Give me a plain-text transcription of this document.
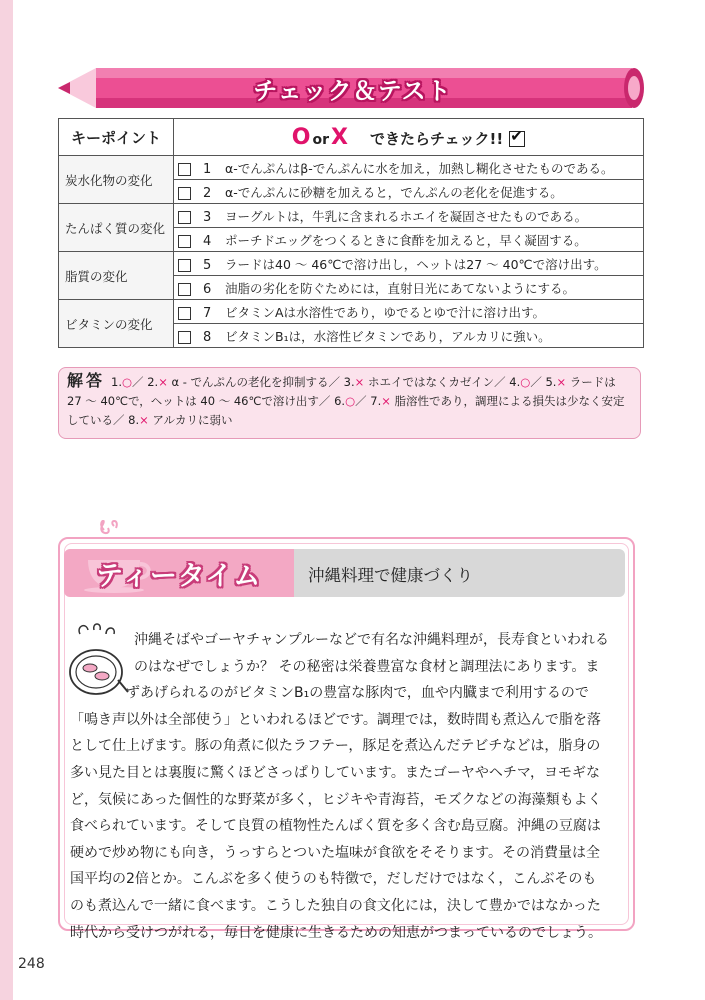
チェック＆テスト
キーポイント	O orX できたらチェック!!✔
炭水化物の変化	1 α-でんぷんはβ-でんぷんに水を加え，加熱し糊化させたものである。
	2 α-でんぷんに砂糖を加えると，でんぷんの老化を促進する。
たんぱく質の変化	3 ヨーグルトは，牛乳に含まれるホエイを凝固させたものである。
	4 ポーチドエッグをつくるときに食酢を加えると，早く凝固する。
脂質の変化	5 ラードは40 ～ 46℃で溶け出し，ヘットは27 ～ 40℃で溶け出す。
	6 油脂の劣化を防ぐためには，直射日光にあてないようにする。
ビタミンの変化	7 ビタミンAは水溶性であり，ゆでるとゆで汁に溶け出す。
	8 ビタミンB₁は，水溶性ビタミンであり，アルカリに強い。
解答 1.○／ 2.× α - でんぷんの老化を抑制する／ 3.× ホエイではなくカゼイン／ 4.○／ 5.× ラードは 27 ～ 40℃で，ヘットは 40 ～ 46℃で溶け出す／ 6.○／ 7.× 脂溶性であり，調理による損失は少なく安定している／ 8.× アルカリに弱い
ティータイム	沖縄料理で健康づくり
沖縄そばやゴーヤチャンプルーなどで有名な沖縄料理が，長寿食といわれる
のはなぜでしょうか？ その秘密は栄養豊富な食材と調理法にあります。ま
ずあげられるのがビタミンB₁の豊富な豚肉で，血や内臓まで利用するので
「鳴き声以外は全部使う」といわれるほどです。調理では，数時間も煮込んで脂を落
として仕上げます。豚の角煮に似たラフテー，豚足を煮込んだテビチなどは，脂身の
多い見た目とは裏腹に驚くほどさっぱりしています。またゴーヤやヘチマ，ヨモギな
ど，気候にあった個性的な野菜が多く，ヒジキや青海苔，モズクなどの海藻類もよく
食べられています。そして良質の植物性たんぱく質を多く含む島豆腐。沖縄の豆腐は
硬めで炒め物にも向き，うっすらとついた塩味が食欲をそそります。その消費量は全
国平均の2倍とか。こんぶを多く使うのも特徴で，だしだけではなく，こんぶそのも
のも煮込んで一緒に食べます。こうした独自の食文化には，決して豊かではなかった
時代から受けつがれる，毎日を健康に生きるための知恵がつまっているのでしょう。
248
